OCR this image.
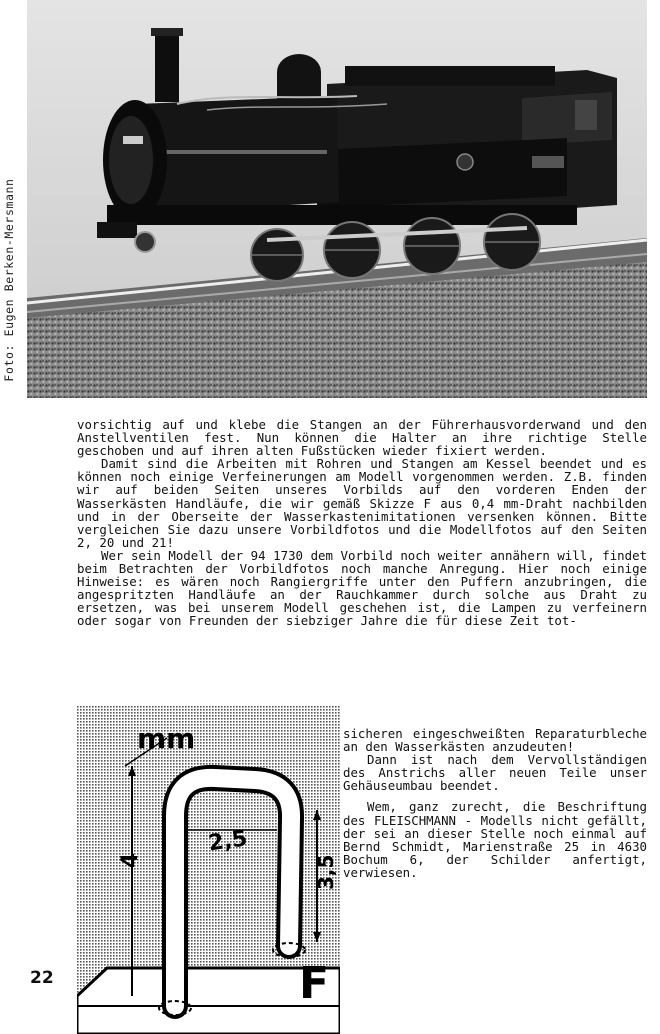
Foto: Eugen Berken-Mersmann

vorsichtig auf und klebe die Stangen an der Führerhausvorderwand und den Anstellventilen fest. Nun können die Halter an ihre richtige Stelle geschoben und auf ihren alten Fußstücken wieder fixiert werden.

Damit sind die Arbeiten mit Rohren und Stangen am Kessel beendet und es können noch einige Verfeinerungen am Modell vorgenommen werden. Z.B. finden wir auf beiden Seiten unseres Vorbilds auf den vorderen Enden der Wasserkästen Handläufe, die wir gemäß Skizze F aus 0,4 mm-Draht nachbilden und in der Oberseite der Wasserkastenimitationen versenken können. Bitte vergleichen Sie dazu unsere Vorbildfotos und die Modellfotos auf den Seiten 2, 20 und 21!

Wer sein Modell der 94 1730 dem Vorbild noch weiter annähern will, findet beim Betrachten der Vorbildfotos noch manche Anregung. Hier noch einige Hinweise: es wären noch Rangiergriffe unter den Puffern anzubringen, die angespritzten Handläufe an der Rauchkammer durch solche aus Draht zu ersetzen, was bei unserem Modell geschehen ist, die Lampen zu verfeinern oder sogar von Freunden der siebziger Jahre die für diese Zeit tot-

mm
4
2,5
3,5
F

sicheren eingeschweißten Reparaturbleche an den Wasserkästen anzudeuten!

Dann ist nach dem Vervollständigen des Anstrichs aller neuen Teile unser Gehäuseumbau beendet.

Wem, ganz zurecht, die Beschriftung des FLEISCHMANN - Modells nicht gefällt, der sei an dieser Stelle noch einmal auf Bernd Schmidt, Marienstraße 25 in 4630 Bochum 6, der Schilder anfertigt, verwiesen.

22
